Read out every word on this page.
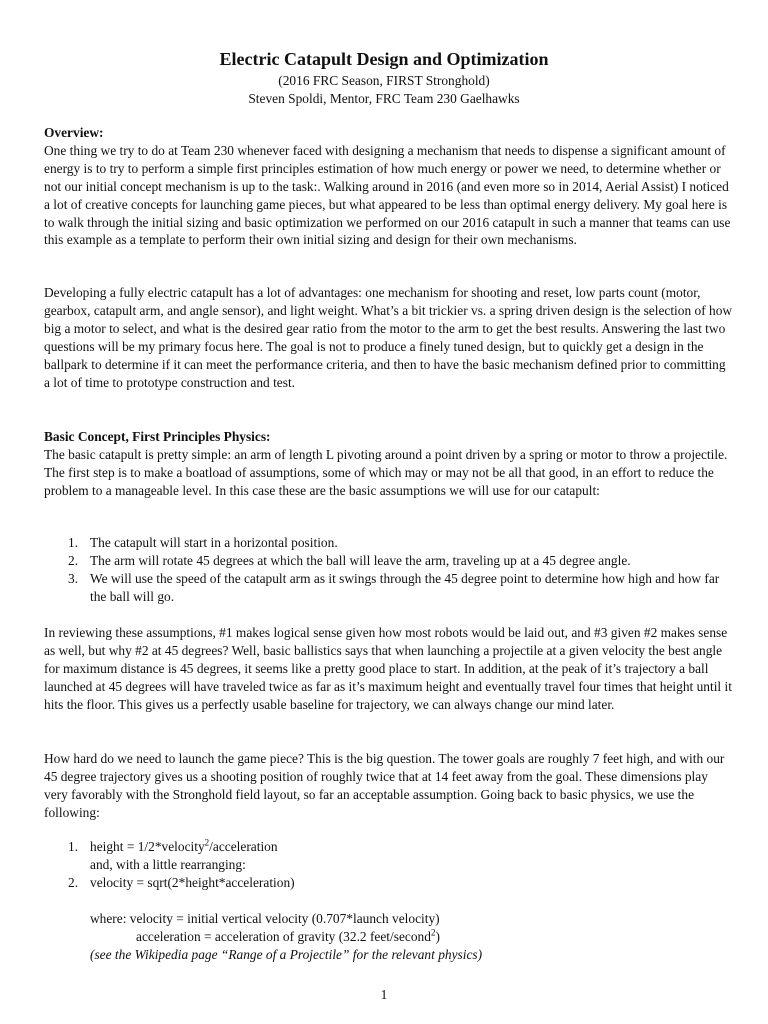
Electric Catapult Design and Optimization
(2016 FRC Season, FIRST Stronghold)
Steven Spoldi, Mentor, FRC Team 230 Gaelhawks
Overview:

One thing we try to do at Team 230 whenever faced with designing a mechanism that needs to dispense a significant amount of energy is to try to perform a simple first principles estimation of how much energy or power we need, to determine whether or not our initial concept mechanism is up to the task:. Walking around in 2016 (and even more so in 2014, Aerial Assist) I noticed a lot of creative concepts for launching game pieces, but what appeared to be less than optimal energy delivery. My goal here is to walk through the initial sizing and basic optimization we performed on our 2016 catapult in such a manner that teams can use this example as a template to perform their own initial sizing and design for their own mechanisms.

Developing a fully electric catapult has a lot of advantages: one mechanism for shooting and reset, low parts count (motor, gearbox, catapult arm, and angle sensor), and light weight. What’s a bit trickier vs. a spring driven design is the selection of how big a motor to select, and what is the desired gear ratio from the motor to the arm to get the best results. Answering the last two questions will be my primary focus here. The goal is not to produce a finely tuned design, but to quickly get a design in the ballpark to determine if it can meet the performance criteria, and then to have the basic mechanism defined prior to committing a lot of time to prototype construction and test.

Basic Concept, First Principles Physics:

The basic catapult is pretty simple: an arm of length L pivoting around a point driven by a spring or motor to throw a projectile. The first step is to make a boatload of assumptions, some of which may or may not be all that good, in an effort to reduce the problem to a manageable level. In this case these are the basic assumptions we will use for our catapult:

1. The catapult will start in a horizontal position.
2. The arm will rotate 45 degrees at which the ball will leave the arm, traveling up at a 45 degree angle.
3. We will use the speed of the catapult arm as it swings through the 45 degree point to determine how high and how far the ball will go.

In reviewing these assumptions, #1 makes logical sense given how most robots would be laid out, and #3 given #2 makes sense as well, but why #2 at 45 degrees? Well, basic ballistics says that when launching a projectile at a given velocity the best angle for maximum distance is 45 degrees, it seems like a pretty good place to start. In addition, at the peak of it’s trajectory a ball launched at 45 degrees will have traveled twice as far as it’s maximum height and eventually travel four times that height until it hits the floor. This gives us a perfectly usable baseline for trajectory, we can always change our mind later.

How hard do we need to launch the game piece? This is the big question. The tower goals are roughly 7 feet high, and with our 45 degree trajectory gives us a shooting position of roughly twice that at 14 feet away from the goal. These dimensions play very favorably with the Stronghold field layout, so far an acceptable assumption. Going back to basic physics, we use the following:

1. height = 1/2*velocity$^2$/acceleration
and, with a little rearranging:
2. velocity = sqrt(2*height*acceleration)
where: velocity = initial vertical velocity (0.707*launch velocity)
acceleration = acceleration of gravity (32.2 feet/second$^2$)
(see the Wikipedia page “Range of a Projectile” for the relevant physics)
1
